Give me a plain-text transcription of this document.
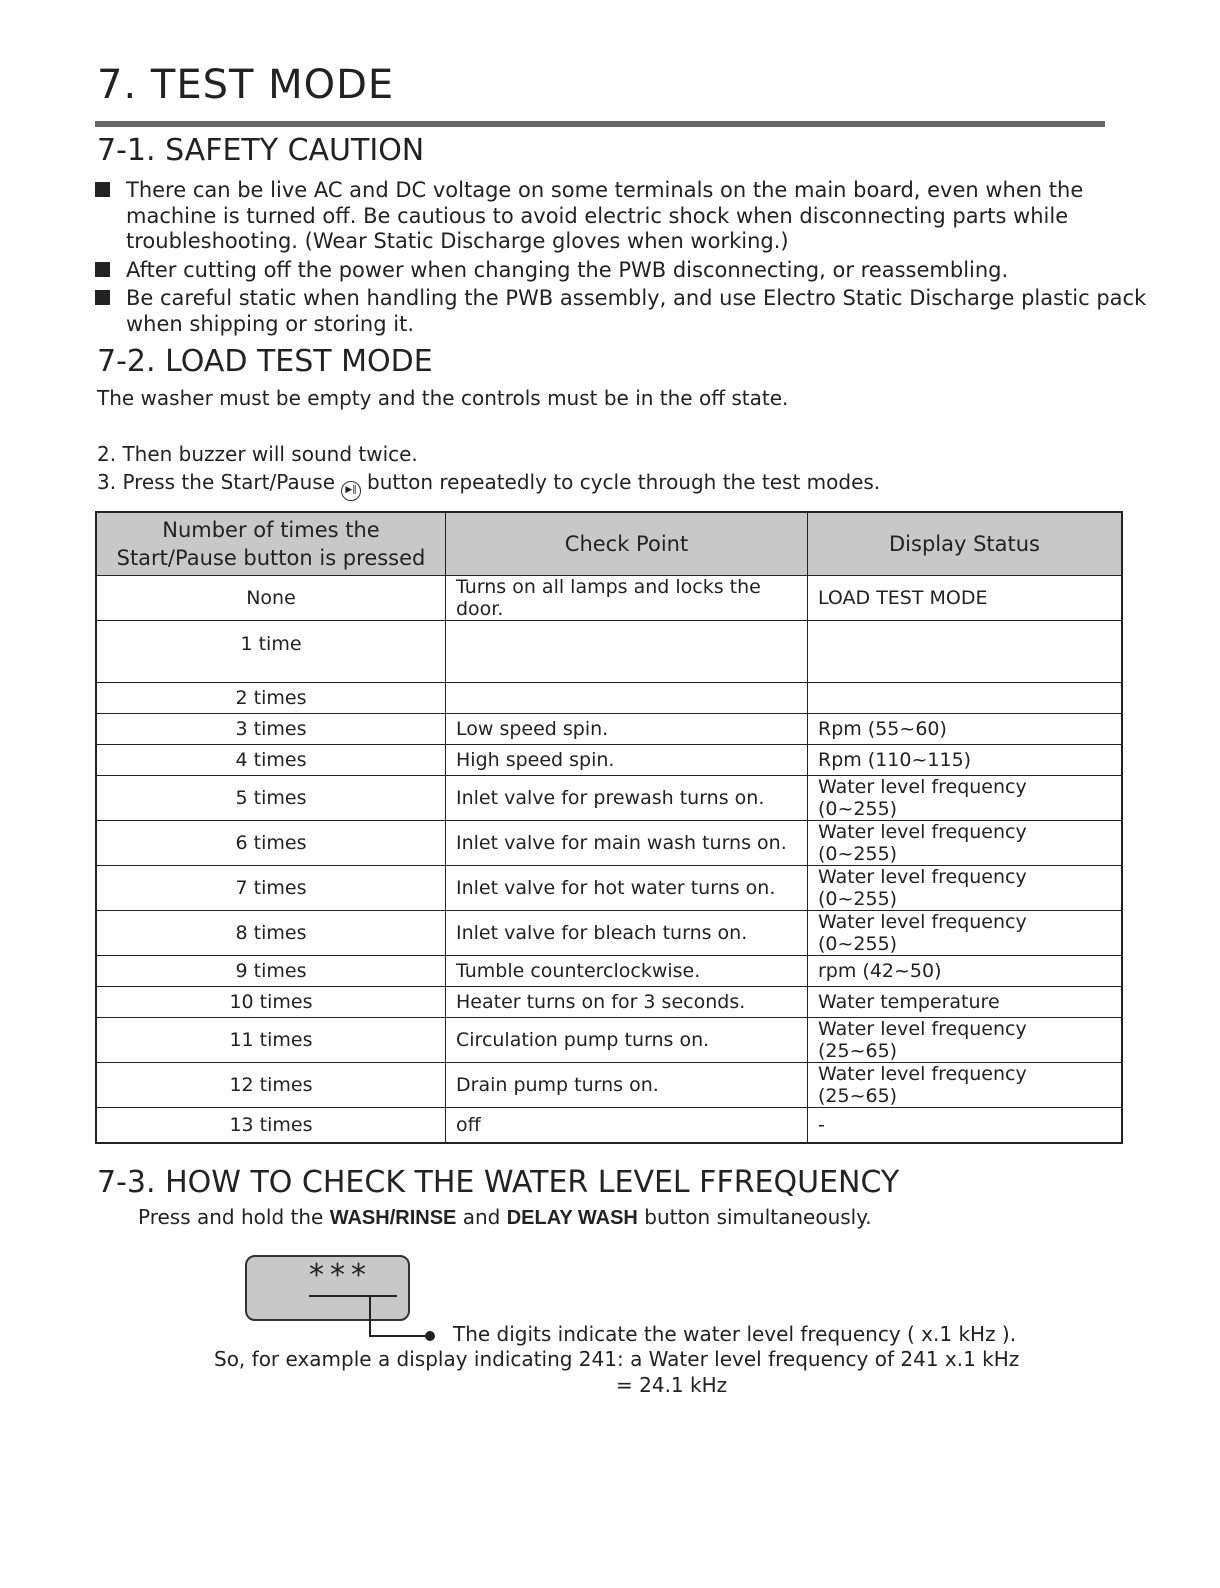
7. TEST MODE
7-1. SAFETY CAUTION
There can be live AC and DC voltage on some terminals on the main board, even when the machine is turned off. Be cautious to avoid electric shock when disconnecting parts while troubleshooting. (Wear Static Discharge gloves when working.)
After cutting off the power when changing the PWB disconnecting, or reassembling.
Be careful static when handling the PWB assembly, and use Electro Static Discharge plastic pack when shipping or storing it.
7-2. LOAD TEST MODE
The washer must be empty and the controls must be in the off state.
2. Then buzzer will sound twice.
3. Press the Start/Pause ▶‖ button repeatedly to cycle through the test modes.
Number of times the Start/Pause button is pressed	Check Point	Display Status
None	Turns on all lamps and locks the door.	LOAD TEST MODE
1 time		
2 times		
3 times	Low speed spin.	Rpm (55~60)
4 times	High speed spin.	Rpm (110~115)
5 times	Inlet valve for prewash turns on.	Water level frequency (0~255)
6 times	Inlet valve for main wash turns on.	Water level frequency (0~255)
7 times	Inlet valve for hot water turns on.	Water level frequency (0~255)
8 times	Inlet valve for bleach turns on.	Water level frequency (0~255)
9 times	Tumble counterclockwise.	rpm (42~50)
10 times	Heater turns on for 3 seconds.	Water temperature
11 times	Circulation pump turns on.	Water level frequency (25~65)
12 times	Drain pump turns on.	Water level frequency (25~65)
13 times	off	-
7-3. HOW TO CHECK THE WATER LEVEL FFREQUENCY
Press and hold the WASH/RINSE and DELAY WASH button simultaneously.
***
The digits indicate the water level frequency ( x.1 kHz ).
So, for example a display indicating 241: a Water level frequency of 241 x.1 kHz
= 24.1 kHz
